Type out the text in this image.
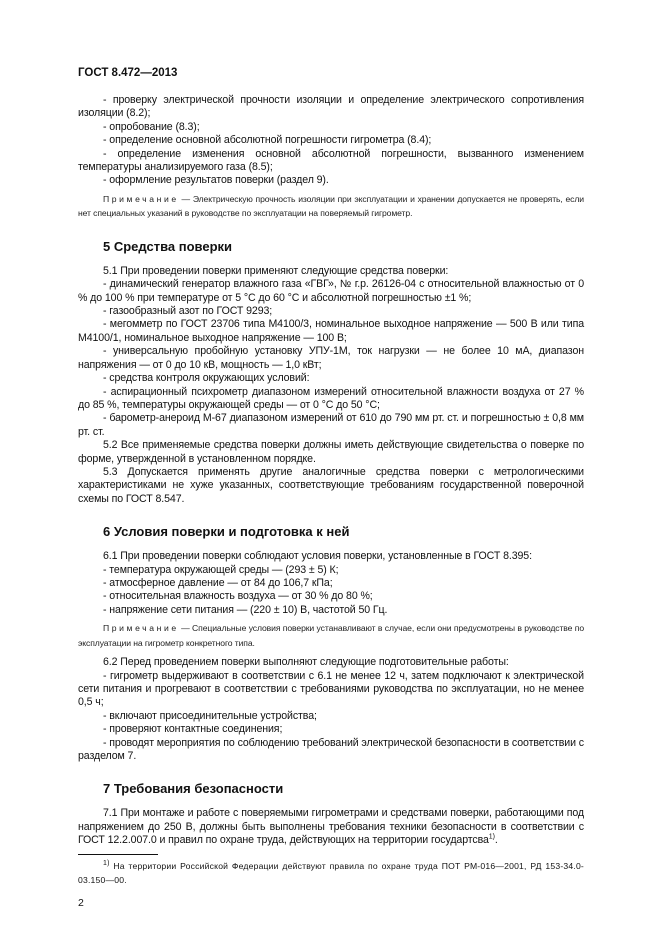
ГОСТ 8.472—2013

- проверку электрической прочности изоляции и определение электрического сопротивления изоляции (8.2);

- опробование (8.3);

- определение основной абсолютной погрешности гигрометра (8.4);

- определение изменения основной абсолютной погрешности, вызванного изменением температуры анализируемого газа (8.5);

- оформление результатов поверки (раздел 9).

Примечание — Электрическую прочность изоляции при эксплуатации и хранении допускается не проверять, если нет специальных указаний в руководстве по эксплуатации на поверяемый гигрометр.

5 Средства поверки

5.1 При проведении поверки применяют следующие средства поверки:

- динамический генератор влажного газа «ГВГ», № г.р. 26126-04 с относительной влажностью от 0 % до 100 % при температуре от 5 °С до 60 °С и абсолютной погрешностью ±1 %;

- газообразный азот по ГОСТ 9293;

- мегомметр по ГОСТ 23706 типа М4100/3, номинальное выходное напряжение — 500 В или типа М4100/1, номинальное выходное напряжение — 100 В;

- универсальную пробойную установку УПУ-1М, ток нагрузки — не более 10 мА, диапазон напряжения — от 0 до 10 кВ, мощность — 1,0 кВт;

- средства контроля окружающих условий:

- аспирационный психрометр диапазоном измерений относительной влажности воздуха от 27 % до 85 %, температуры окружающей среды — от 0 °С до 50 °С;

- барометр-анероид М-67 диапазоном измерений от 610 до 790 мм рт. ст. и погрешностью ± 0,8 мм рт. ст.

5.2 Все применяемые средства поверки должны иметь действующие свидетельства о поверке по форме, утвержденной в установленном порядке.

5.3 Допускается применять другие аналогичные средства поверки с метрологическими характеристиками не хуже указанных, соответствующие требованиям государственной поверочной схемы по ГОСТ 8.547.

6 Условия поверки и подготовка к ней

6.1 При проведении поверки соблюдают условия поверки, установленные в ГОСТ 8.395:

- температура окружающей среды — (293 ± 5) К;

- атмосферное давление — от 84 до 106,7 кПа;

- относительная влажность воздуха — от 30 % до 80 %;

- напряжение сети питания — (220 ± 10) В, частотой 50 Гц.

Примечание — Специальные условия поверки устанавливают в случае, если они предусмотрены в руководстве по эксплуатации на гигрометр конкретного типа.

6.2 Перед проведением поверки выполняют следующие подготовительные работы:

- гигрометр выдерживают в соответствии с 6.1 не менее 12 ч, затем подключают к электрической сети питания и прогревают в соответствии с требованиями руководства по эксплуатации, но не менее 0,5 ч;

- включают присоединительные устройства;

- проверяют контактные соединения;

- проводят мероприятия по соблюдению требований электрической безопасности в соответствии с разделом 7.

7 Требования безопасности

7.1 При монтаже и работе с поверяемыми гигрометрами и средствами поверки, работающими под напряжением до 250 В, должны быть выполнены требования техники безопасности в соответствии с ГОСТ 12.2.007.0 и правил по охране труда, действующих на территории государтсва$^{1)}$.

$^{1)}$ На территории Российской Федерации действуют правила по охране труда ПОТ РМ-016—2001, РД 153-34.0-03.150—00.

2
